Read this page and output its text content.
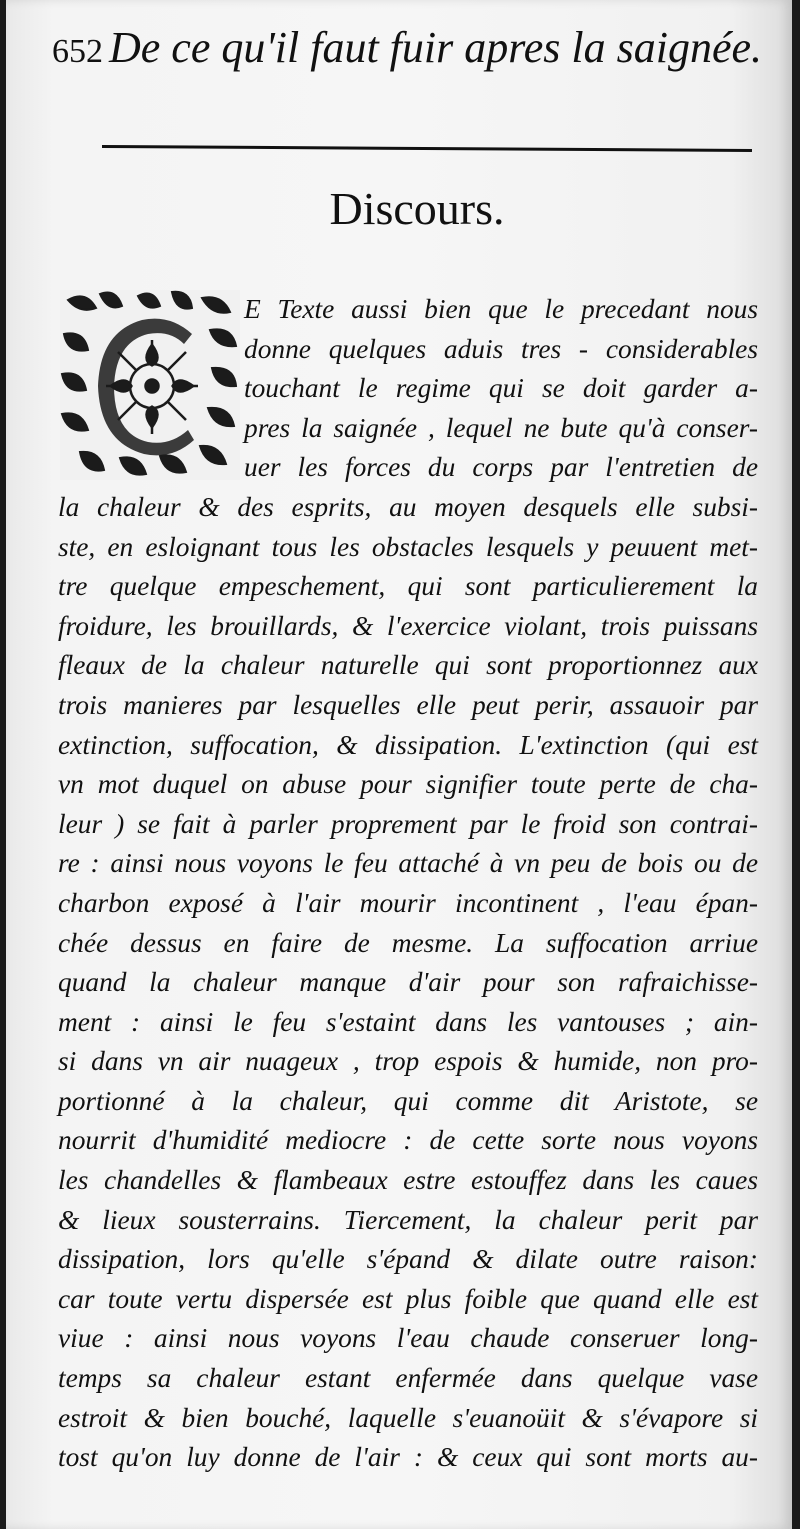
652 De ce qu'il faut fuir apres la saignée.
Discours.
E Texte aussi bien que le precedant nous
donne quelques aduis tres - considerables
touchant le regime qui se doit garder a-
pres la saignée , lequel ne bute qu'à conser-
uer les forces du corps par l'entretien de
la chaleur & des esprits, au moyen desquels elle subsi-
ste, en esloignant tous les obstacles lesquels y peuuent met-
tre quelque empeschement, qui sont particulierement la
froidure, les brouillards, & l'exercice violant, trois puissans
fleaux de la chaleur naturelle qui sont proportionnez aux
trois manieres par lesquelles elle peut perir, assauoir par
extinction, suffocation, & dissipation. L'extinction (qui est
vn mot duquel on abuse pour signifier toute perte de cha-
leur ) se fait à parler proprement par le froid son contrai-
re : ainsi nous voyons le feu attaché à vn peu de bois ou de
charbon exposé à l'air mourir incontinent , l'eau épan-
chée dessus en faire de mesme. La suffocation arriue
quand la chaleur manque d'air pour son rafraichisse-
ment : ainsi le feu s'estaint dans les vantouses ; ain-
si dans vn air nuageux , trop espois & humide, non pro-
portionné à la chaleur, qui comme dit Aristote, se
nourrit d'humidité mediocre : de cette sorte nous voyons
les chandelles & flambeaux estre estouffez dans les caues
& lieux sousterrains. Tiercement, la chaleur perit par
dissipation, lors qu'elle s'épand & dilate outre raison:
car toute vertu dispersée est plus foible que quand elle est
viue : ainsi nous voyons l'eau chaude conseruer long-
temps sa chaleur estant enfermée dans quelque vase
estroit & bien bouché, laquelle s'euanoüit & s'évapore si
tost qu'on luy donne de l'air : & ceux qui sont morts au-
